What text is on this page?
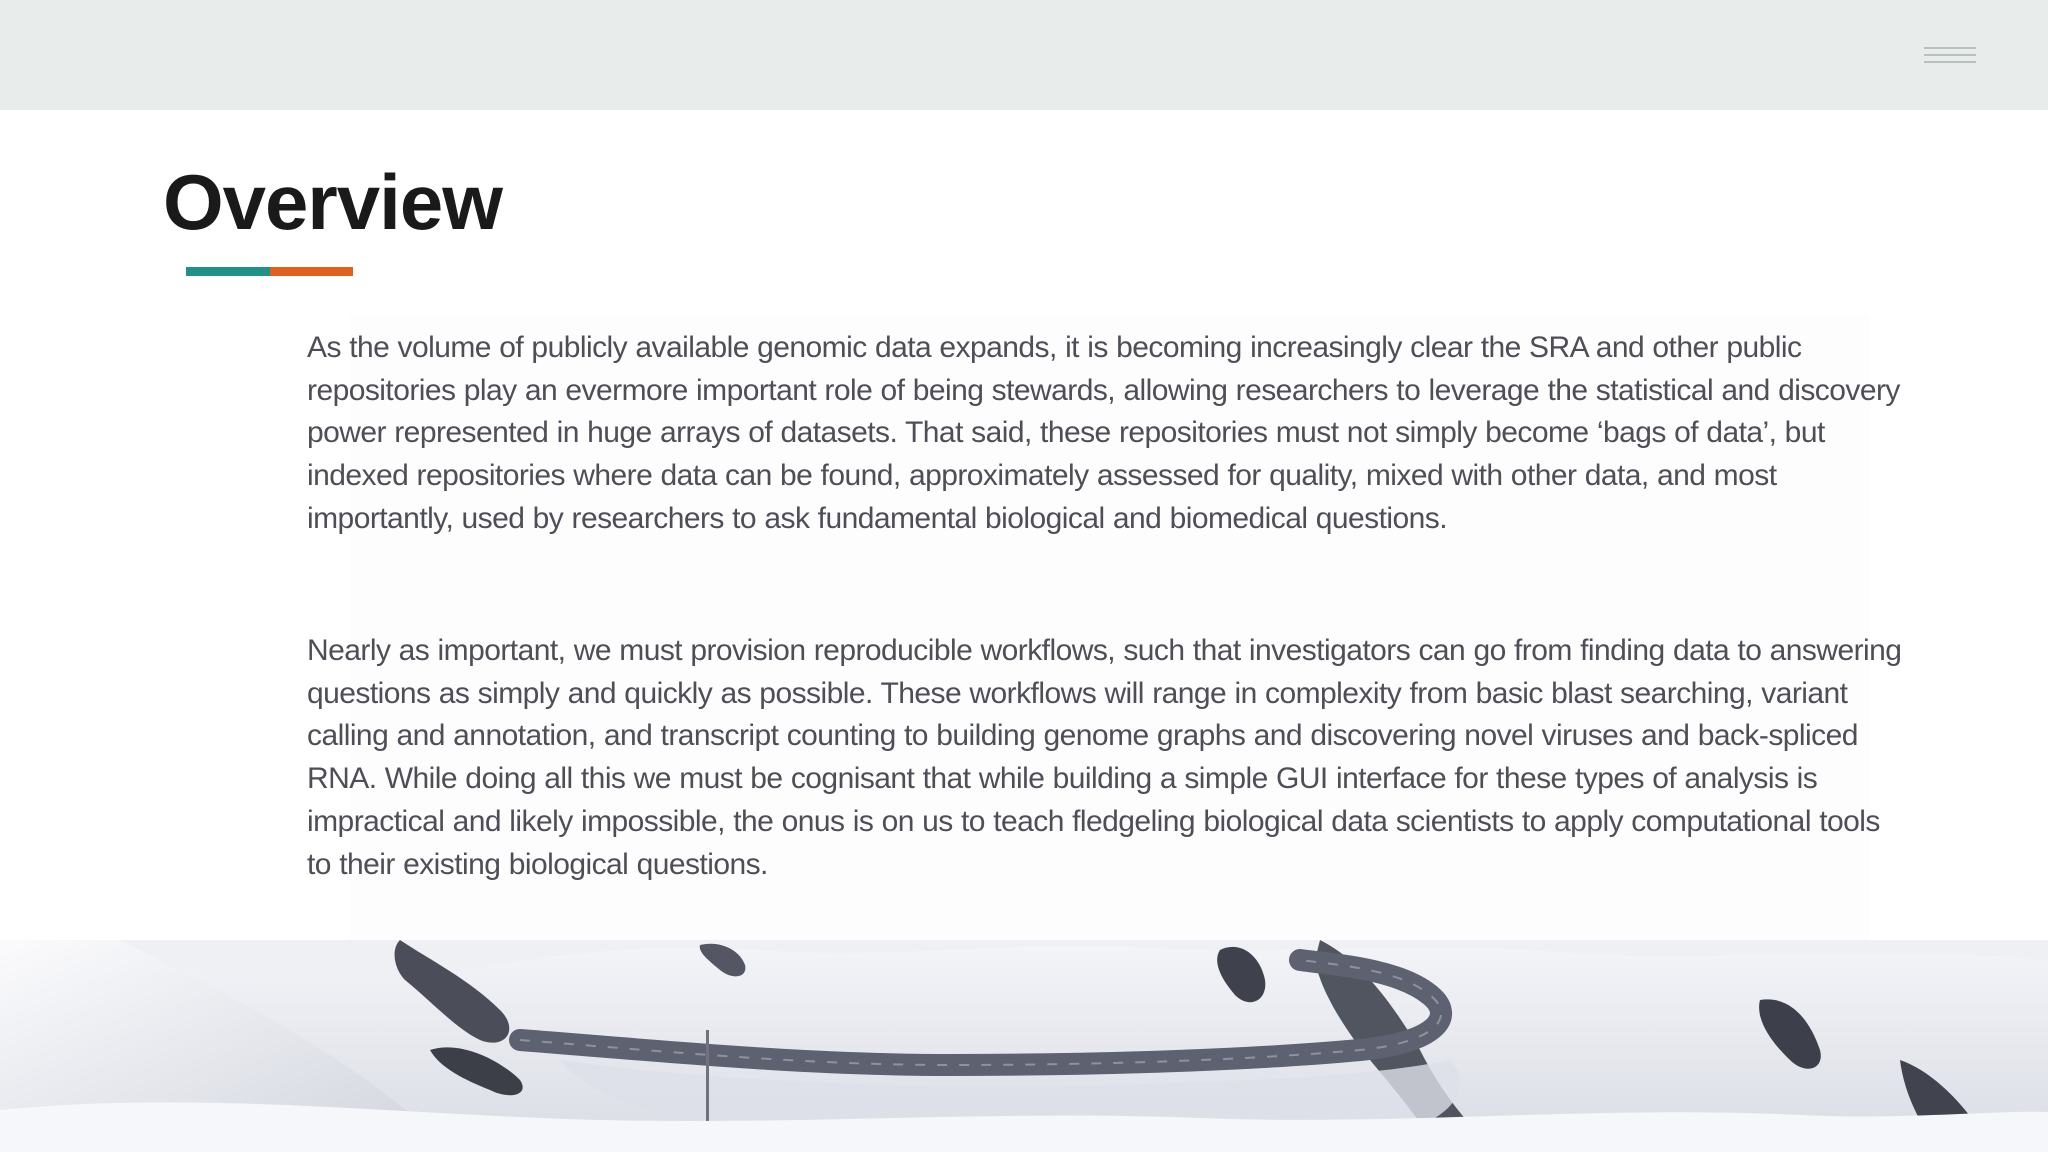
Overview

As the volume of publicly available genomic data expands, it is becoming increasingly clear the SRA and other public repositories play an evermore important role of being stewards, allowing researchers to leverage the statistical and discovery power represented in huge arrays of datasets. That said, these repositories must not simply become ‘bags of data’, but indexed repositories where data can be found, approximately assessed for quality, mixed with other data, and most importantly, used by researchers to ask fundamental biological and biomedical questions.

Nearly as important, we must provision reproducible workflows, such that investigators can go from finding data to answering questions as simply and quickly as possible. These workflows will range in complexity from basic blast searching, variant calling and annotation, and transcript counting to building genome graphs and discovering novel viruses and back-spliced RNA. While doing all this we must be cognisant that while building a simple GUI interface for these types of analysis is impractical and likely impossible, the onus is on us to teach fledgeling biological data scientists to apply computational tools to their existing biological questions.
